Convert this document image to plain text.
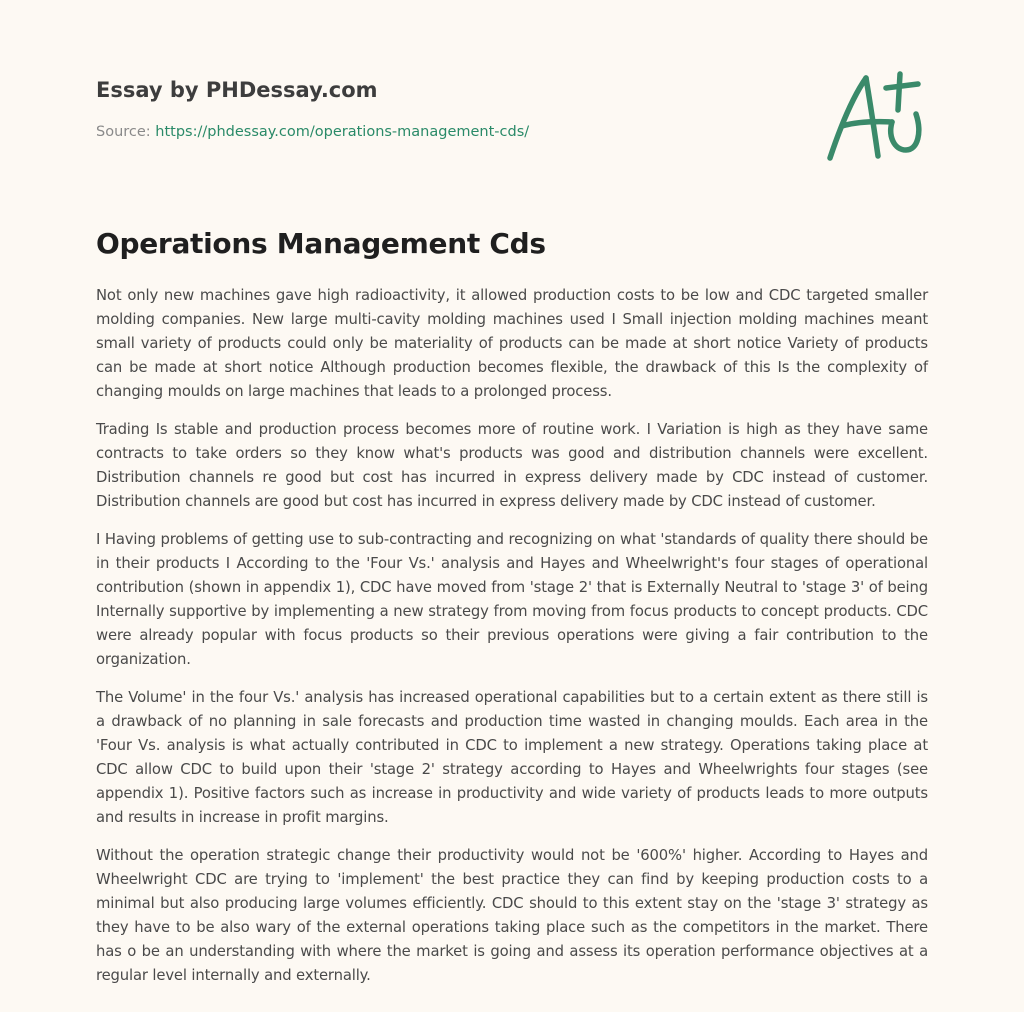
Essay by PHDessay.com
Source: https://phdessay.com/operations-management-cds/
Operations Management Cds

Not only new machines gave high radioactivity, it allowed production costs to be low and CDC targeted smaller molding companies. New large multi-cavity molding machines used I Small injection molding machines meant small variety of products could only be materiality of products can be made at short notice Variety of products can be made at short notice Although production becomes flexible, the drawback of this Is the complexity of changing moulds on large machines that leads to a prolonged process.

Trading Is stable and production process becomes more of routine work. I Variation is high as they have same contracts to take orders so they know what's products was good and distribution channels were excellent. Distribution channels re good but cost has incurred in express delivery made by CDC instead of customer. Distribution channels are good but cost has incurred in express delivery made by CDC instead of customer.

I Having problems of getting use to sub-contracting and recognizing on what 'standards of quality there should be in their products I According to the 'Four Vs.' analysis and Hayes and Wheelwright's four stages of operational contribution (shown in appendix 1), CDC have moved from 'stage 2' that is Externally Neutral to 'stage 3' of being Internally supportive by implementing a new strategy from moving from focus products to concept products. CDC were already popular with focus products so their previous operations were giving a fair contribution to the organization.

The Volume' in the four Vs.' analysis has increased operational capabilities but to a certain extent as there still is a drawback of no planning in sale forecasts and production time wasted in changing moulds. Each area in the 'Four Vs. analysis is what actually contributed in CDC to implement a new strategy. Operations taking place at CDC allow CDC to build upon their 'stage 2' strategy according to Hayes and Wheelwrights four stages (see appendix 1). Positive factors such as increase in productivity and wide variety of products leads to more outputs and results in increase in profit margins.

Without the operation strategic change their productivity would not be '600%' higher. According to Hayes and Wheelwright CDC are trying to 'implement' the best practice they can find by keeping production costs to a minimal but also producing large volumes efficiently. CDC should to this extent stay on the 'stage 3' strategy as they have to be also wary of the external operations taking place such as the competitors in the market. There has o be an understanding with where the market is going and assess its operation performance objectives at a regular level internally and externally.
